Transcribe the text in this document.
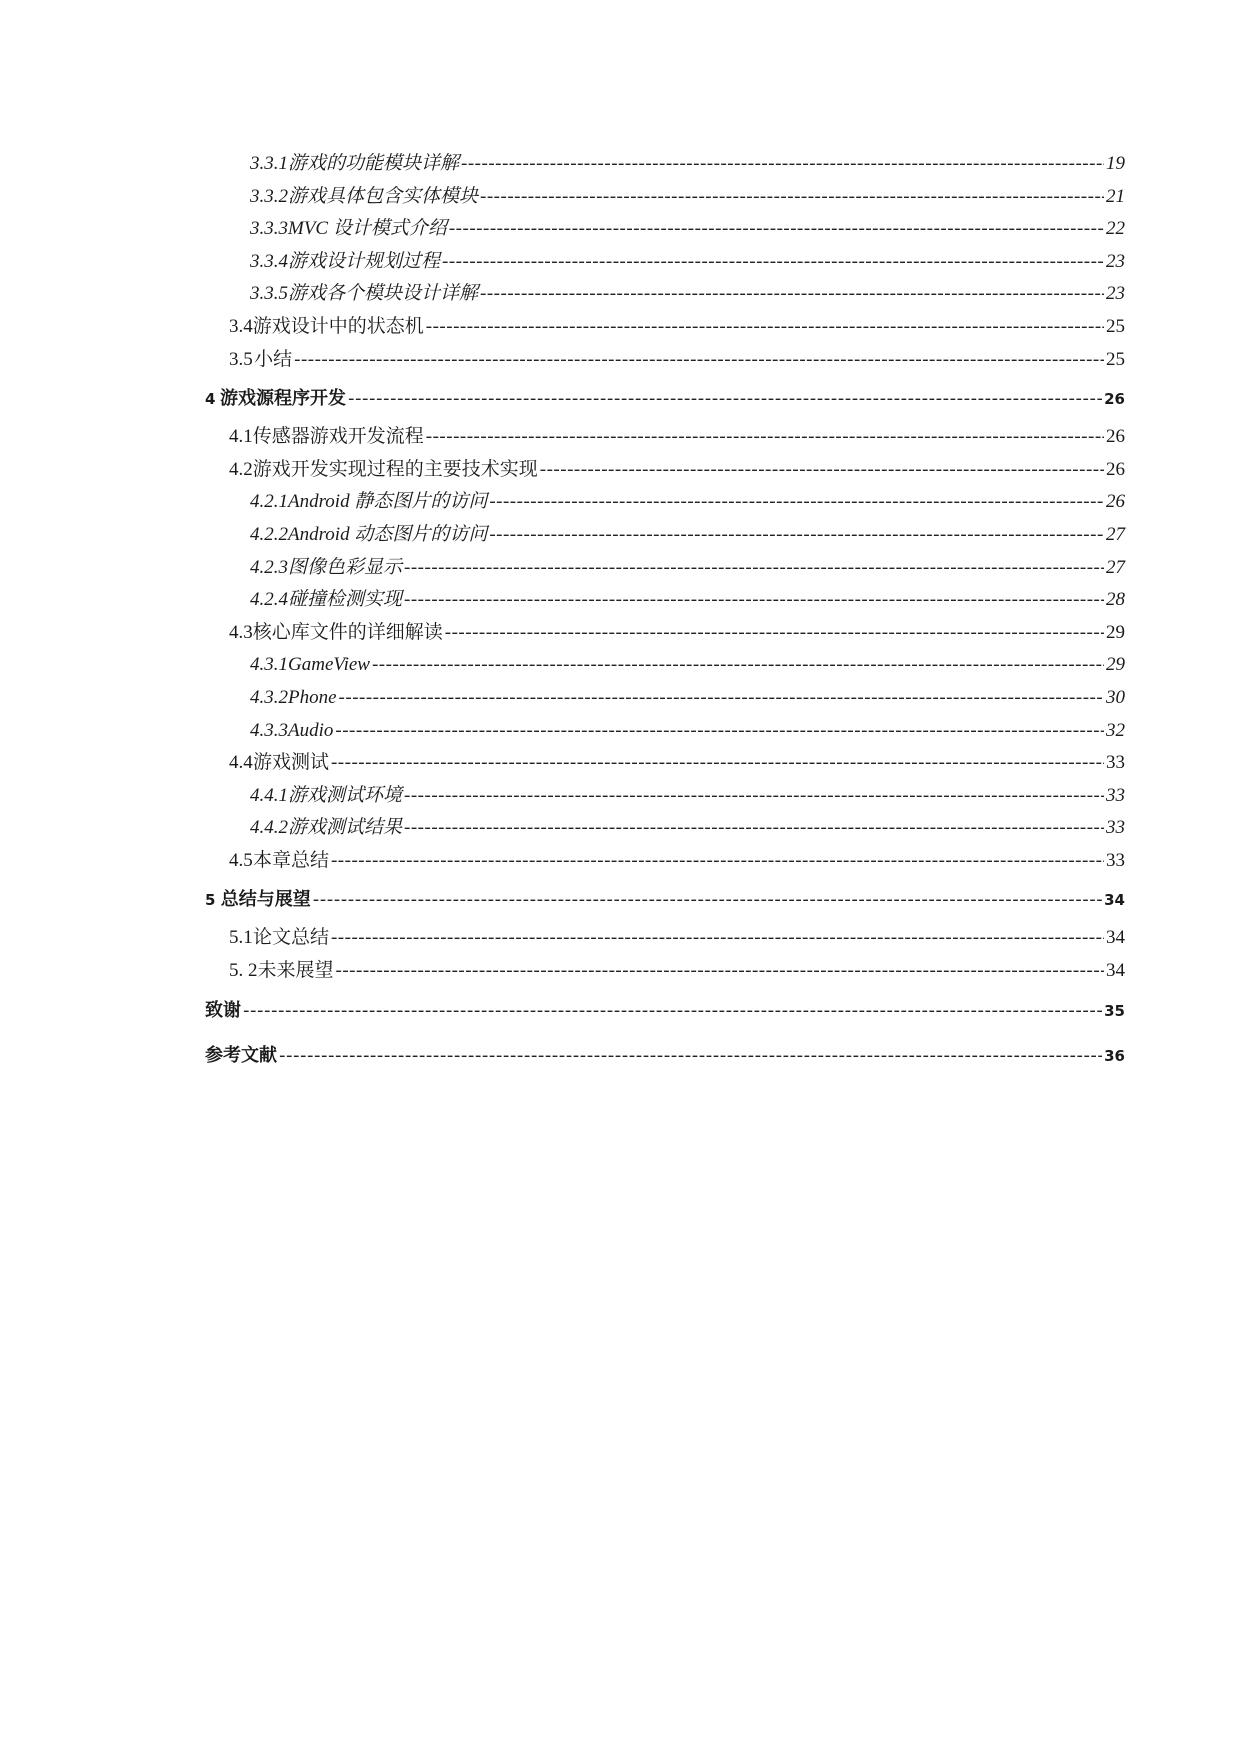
3.3.1 游戏的功能模块详解 -----	19
3.3.2 游戏具体包含实体模块 -----	21
3.3.3 MVC 设计模式介绍 -----	22
3.3.4 游戏设计规划过程 -----	23
3.3.5 游戏各个模块设计详解 -----	23
3.4 游戏设计中的状态机 -----	25
3.5 小结 -----	25
4 游戏源程序开发 -----	26
4.1 传感器游戏开发流程 -----	26
4.2 游戏开发实现过程的主要技术实现 -----	26
4.2.1 Android 静态图片的访问 -----	26
4.2.2 Android 动态图片的访问 -----	27
4.2.3 图像色彩显示 -----	27
4.2.4 碰撞检测实现 -----	28
4.3 核心库文件的详细解读 -----	29
4.3.1 GameView -----	29
4.3.2 Phone -----	30
4.3.3 Audio -----	32
4.4 游戏测试 -----	33
4.4.1 游戏测试环境 -----	33
4.4.2 游戏测试结果 -----	33
4.5 本章总结 -----	33
5 总结与展望 -----	34
5.1 论文总结 -----	34
5. 2 未来展望 -----	34
致谢 -----	35
参考文献 -----	36
